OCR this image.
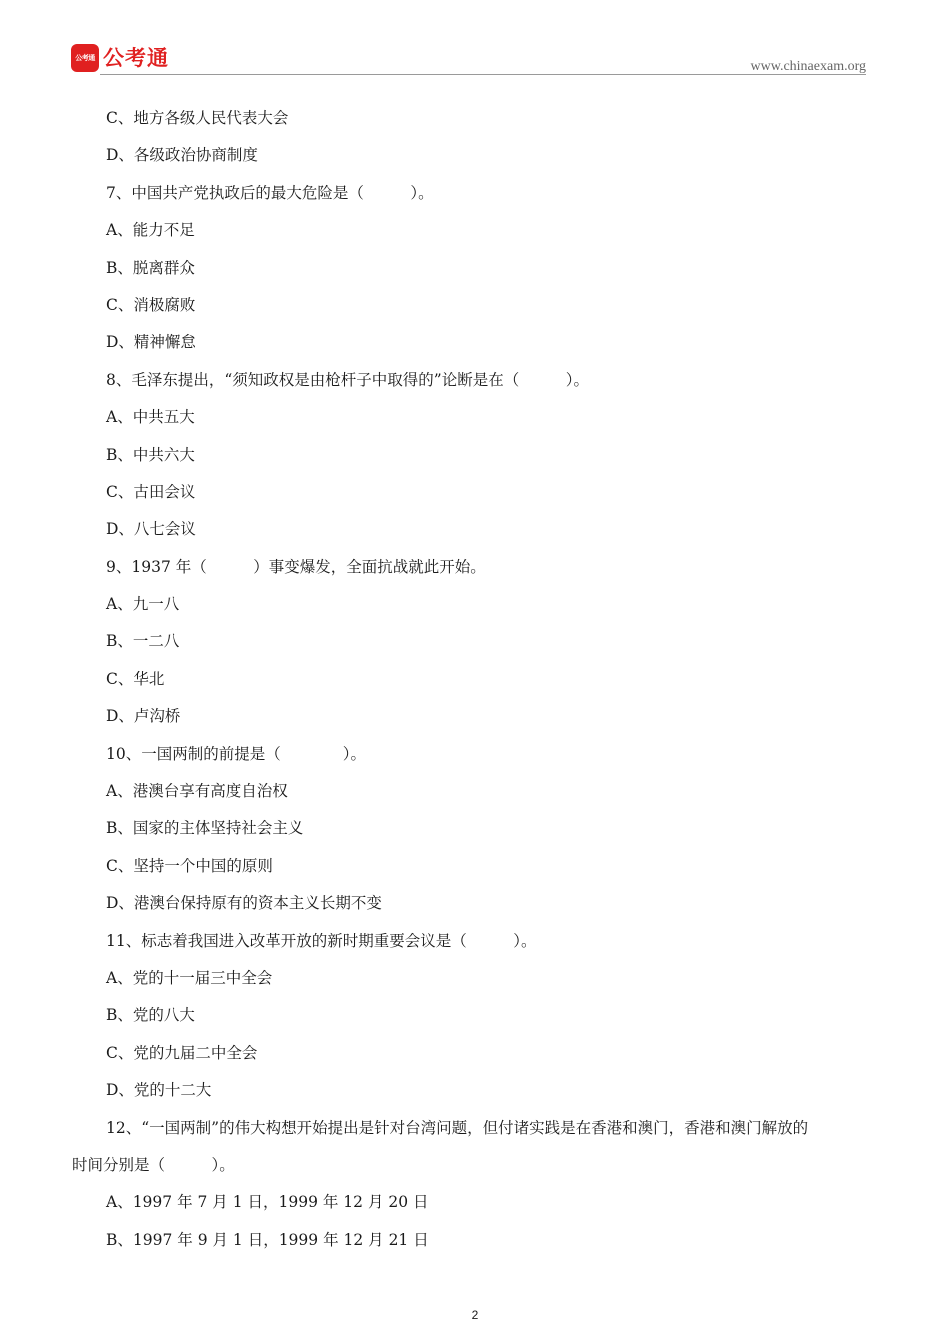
公考通 公考通	www.chinaexam.org
C、地方各级人民代表大会
D、各级政治协商制度
7、中国共产党执政后的最大危险是（　　　）。
A、能力不足
B、脱离群众
C、消极腐败
D、精神懈怠
8、毛泽东提出，“须知政权是由枪杆子中取得的”论断是在（　　　）。
A、中共五大
B、中共六大
C、古田会议
D、八七会议
9、1937 年（　　　）事变爆发，全面抗战就此开始。
A、九一八
B、一二八
C、华北
D、卢沟桥
10、一国两制的前提是（　　　　）。
A、港澳台享有高度自治权
B、国家的主体坚持社会主义
C、坚持一个中国的原则
D、港澳台保持原有的资本主义长期不变
11、标志着我国进入改革开放的新时期重要会议是（　　　）。
A、党的十一届三中全会
B、党的八大
C、党的九届二中全会
D、党的十二大
12、“一国两制”的伟大构想开始提出是针对台湾问题，但付诸实践是在香港和澳门，香港和澳门解放的
时间分别是（　　　）。
A、1997 年 7 月 1 日，1999 年 12 月 20 日
B、1997 年 9 月 1 日，1999 年 12 月 21 日
2
